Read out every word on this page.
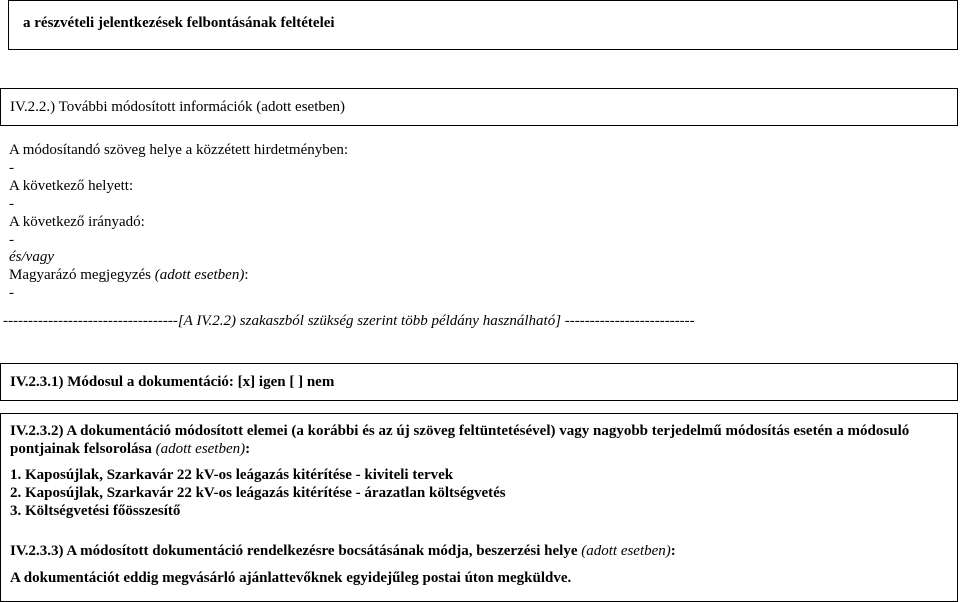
a részvételi jelentkezések felbontásának feltételei
IV.2.2.) További módosított információk (adott esetben)
A módosítandó szöveg helye a közzétett hirdetményben:
-
A következő helyett:
-
A következő irányadó:
-
és/vagy
Magyarázó megjegyzés (adott esetben):
-
-----------------------------------[A IV.2.2) szakaszból szükség szerint több példány használható] --------------------------
IV.2.3.1) Módosul a dokumentáció: [x] igen [ ] nem
IV.2.3.2) A dokumentáció módosított elemei (a korábbi és az új szöveg feltüntetésével) vagy nagyobb terjedelmű módosítás esetén a módosuló pontjainak felsorolása (adott esetben):
1. Kaposújlak, Szarkavár 22 kV-os leágazás kitérítése - kiviteli tervek
2. Kaposújlak, Szarkavár 22 kV-os leágazás kitérítése - árazatlan költségvetés
3. Költségvetési főösszesítő
IV.2.3.3) A módosított dokumentáció rendelkezésre bocsátásának módja, beszerzési helye (adott esetben):
A dokumentációt eddig megvásárló ajánlattevőknek egyidejűleg postai úton megküldve.
